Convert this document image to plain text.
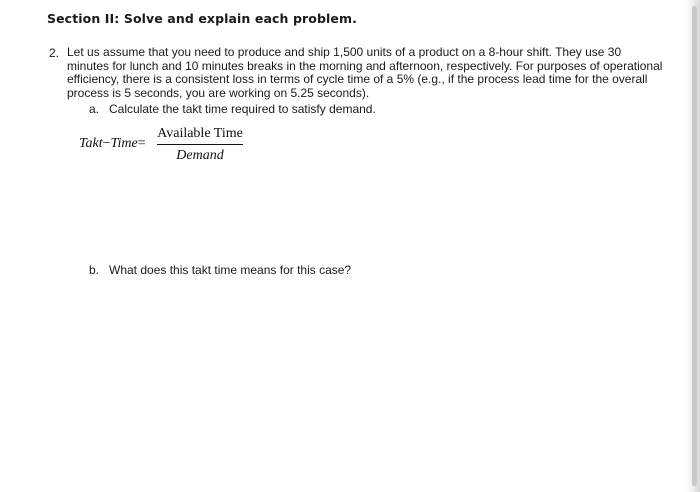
Section II: Solve and explain each problem.
2. Let us assume that you need to produce and ship 1,500 units of a product on a 8-hour shift. They use 30 minutes for lunch and 10 minutes breaks in the morning and afternoon, respectively. For purposes of operational efficiency, there is a consistent loss in terms of cycle time of a 5% (e.g., if the process lead time for the overall process is 5 seconds, you are working on 5.25 seconds).

a. Calculate the takt time required to satisfy demand.
Takt−Time=
Available Time
Demand
b. What does this takt time means for this case?
